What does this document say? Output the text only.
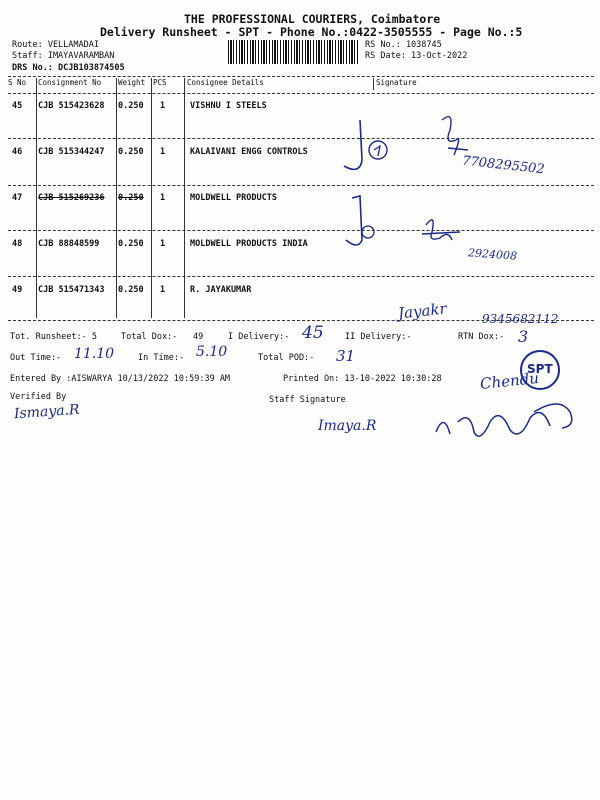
THE PROFESSIONAL COURIERS, Coimbatore
Delivery Runsheet - SPT - Phone No.:0422-3505555 - Page No.:5
Route: VELLAMADAI
Staff: IMAYAVARAMBAN
DRS No.: DCJB103874505
RS No.: 1038745
RS Date: 13-Oct-2022
S No Consignment No Weight PCS	Consignee Details	Signature
45 CJB 515423628 0.250 1	VISHNU I STEELS
46 CJB 515344247 0.250 1	KALAIVANI ENGG CONTROLS
47 CJB 515269236 0.250 1	MOLDWELL PRODUCTS
48 CJB 88848599 0.250 1	MOLDWELL PRODUCTS INDIA
49 CJB 515471343 0.250 1	R. JAYAKUMAR
7708295502
2924008
Jayakr	9345682112
Tot. Runsheet:- 5	Total Dox:- 49	I Delivery:- 45	II Delivery:-	RTN Dox:- 3
Out Time:- 11.10	In Time:- 5.10	Total POD:- 31
Entered By :AISWARYA 10/13/2022 10:59:39 AM	Printed On: 13-10-2022 10:30:28
Verified By	Staff Signature
Ismaya.R
Imaya.R
SPT
Chendu
